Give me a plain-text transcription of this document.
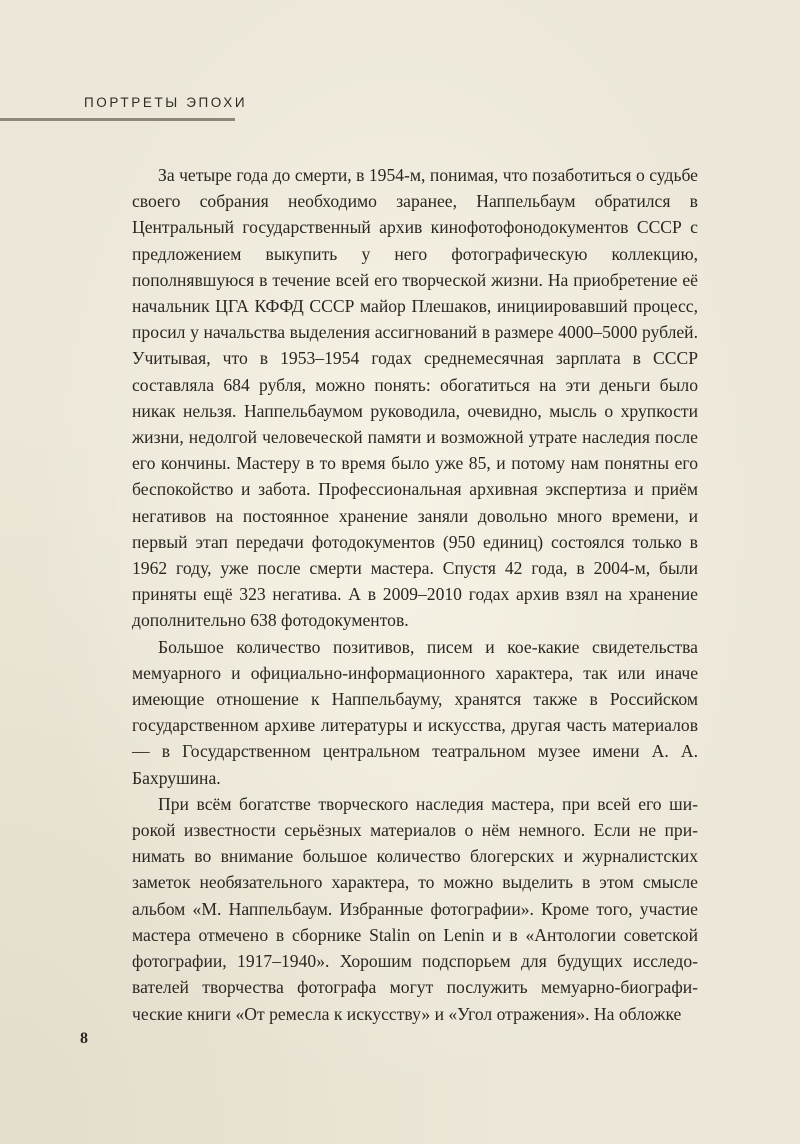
ПОРТРЕТЫ ЭПОХИ

За четыре года до смерти, в 1954-м, понимая, что позаботиться о судьбе своего собрания необходимо заранее, Наппельбаум обратился в Центральный государственный архив кинофотофонодокументов СССР с предложением выкупить у него фотографическую коллекцию, пополнявшуюся в течение всей его творческой жизни. На приобретение её начальник ЦГА КФФД СССР майор Плешаков, инициировавший процесс, просил у начальства выделения ассигнований в размере 4000–5000 рублей. Учитывая, что в 1953–1954 годах среднемесячная зарплата в СССР составляла 684 рубля, можно понять: обогатиться на эти деньги было никак нельзя. Наппельбаумом руководила, очевидно, мысль о хрупкости жизни, недолгой человеческой памяти и возможной утрате наследия после его кончины. Мастеру в то время было уже 85, и потому нам понятны его беспокойство и забота. Профессиональная архивная экспертиза и приём негативов на постоянное хранение заняли довольно много времени, и первый этап передачи фотодокументов (950 единиц) состоялся только в 1962 году, уже после смерти мастера. Спустя 42 года, в 2004-м, были приняты ещё 323 негатива. А в 2009–2010 годах архив взял на хранение дополнительно 638 фотодокументов.

Большое количество позитивов, писем и кое-какие свидетельства мемуарного и официально-информационного характера, так или иначе имеющие отношение к Наппельбауму, хранятся также в Российском государственном архиве литературы и искусства, другая часть материалов — в Государственном центральном театральном музее имени А. А. Бахрушина.

При всём богатстве творческого наследия мастера, при всей его широкой известности серьёзных материалов о нём немного. Если не принимать во внимание большое количество блогерских и журналистских заметок необязательного характера, то можно выделить в этом смысле альбом «М. Наппельбаум. Избранные фотографии». Кроме того, участие мастера отмечено в сборнике Stalin on Lenin и в «Антологии советской фотографии, 1917–1940». Хорошим подспорьем для будущих исследователей творчества фотографа могут послужить мемуарно-биографические книги «От ремесла к искусству» и «Угол отражения». На обложке

8
